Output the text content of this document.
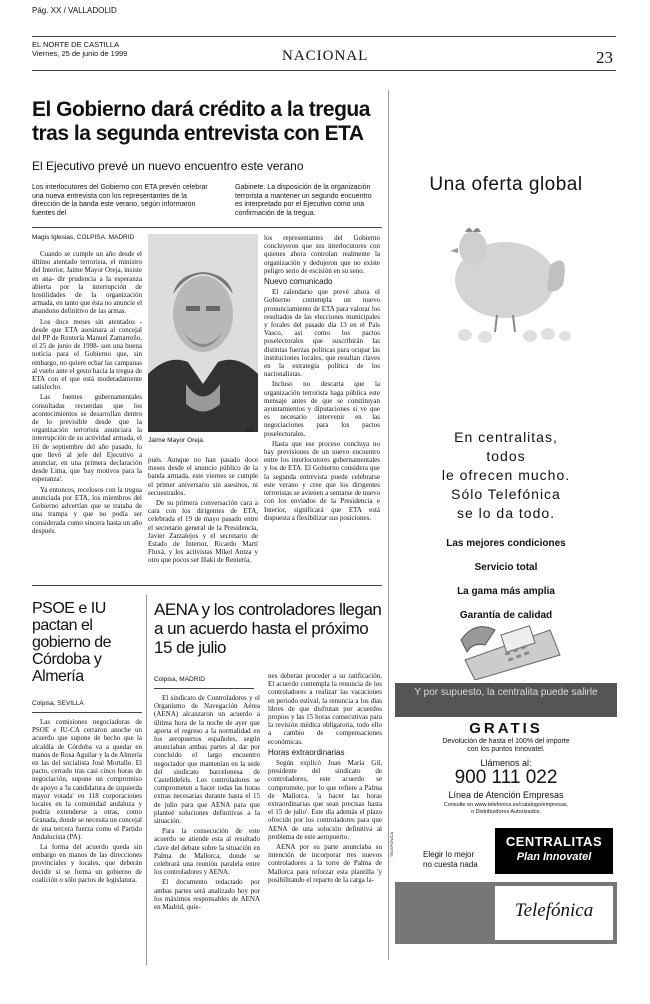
Pág. XX / VALLADOLID
EL NORTE DE CASTILLA
Viernes, 25 de junio de 1999	NACIONAL	23
El Gobierno dará crédito a la tregua
tras la segunda entrevista con ETA
El Ejecutivo prevé un nuevo encuentro este verano
Los interlocutores del Gobierno con ETA prevén celebrar una nueva entrevista con los representantes de la dirección de la banda este verano, según informaron fuentes del
Gabinete. La disposición de la organización terrorista a mantener un segundo encuentro es interpretado por el Ejecutivo como una confirmación de la tregua.
Magis Iglesias, COLPISA. MADRID

Cuando se cumple un año desde el último atentado terrorista, el ministro del Interior, Jaime Mayor Oreja, insiste en ana- dir prudencia a la esperanza abierta por la interrupción de hostilidades de la organización armada, en tanto que ésta no anuncie el abandono definitivo de las armas.

Los doce meses sin atentados -desde que ETA asesinara al concejal del PP de Rentería Manuel Zamarreño, el 25 de junio de 1998- son una buena noticia para el Gobierno que, sin embargo, no quiere echar las campanas al vuelo ante el gesto hacia la tregua de ETA con el que está moderadamente satisfecho.

Las fuentes gubernamentales consultadas recuerdan que los acontecimientos se desarrollan dentro de lo previsible desde que la organización terrorista anunciara la interrupción de su actividad armada, el 16 de septiembre del año pasado, lo que llevó al jefe del Ejecutivo a anunciar, en una primera declaración desde Lima, que 'hay motivos para la esperanza'.

Ya entonces, recelosos con la tregua anunciada por ETA, los miembros del Gobierno advertían que se trataba de una trampa y que no podía ser considerada como sincera hasta un año después.

Jaime Mayor Oreja.
EFE

pués. Aunque no han pasado doce meses desde el anuncio público de la banda armada, este viernes se cumple el primer aniversario sin asesinos, ni secuestrados.

De su primera conversación cara a cara con los dirigentes de ETA, celebrada el 19 de mayo pasado entre el secretario general de la Presidencia, Javier Zarzalejos y el secretario de Estado de Interior, Ricardo Martí Fluxá, y los activistas Mikel Antza y otro que pocos ser Iñaki de Rentería,

los representantes del Gobierno concluyeron que sus interlocutores con quienes ahora controlan realmente la organización y dedujeron que no existe peligro serio de escisión en su seno.

Nuevo comunicado

El calendario que prevé ahora el Gobierno contempla un nuevo pronunciamiento de ETA para valorar los resultados de las elecciones municipales y forales del pasado día 13 en el País Vasco, así como los pactos poselectorales que suscribirán las distintas fuerzas políticas para ocupar las instituciones locales, que resultan claves en la estrategia política de los nacionalistas.

Incluso no descarta que la organización terrorista haga pública este mensaje antes de que se constituyan ayuntamientos y diputaciones si ve que es necesario intervenir en las negociaciones para los pactos poselectorales.

Hasta que ese proceso concluya no hay previsiones de un nuevo encuentro entre los interlocutores gubernamentales y los de ETA. El Gobierno considera que la segunda entrevista puede celebrarse este verano y cree que los dirigentes terroristas se avienen a sentarse de nuevo con los enviados de la Presidencia e Interior, significará que ETA está dispuesta a flexibilizar sus posiciones.

PSOE e IU pactan el gobierno de Córdoba y Almería
Colpisa, SEVILLA

Las comisiones negociadoras de PSOE e IU-CA cerraron anoche un acuerdo que supone de hecho que la alcaldía de Córdoba va a quedar en manos de Rosa Aguilar y la de Almería en las del socialista José Mortallo. El pacto, cerrado tras casi cinco horas de negociación, supone un compromiso de apoyo a 'la candidatura de izquierda mayor votada' en 118 corporaciones locales en la comunidad andaluza y podría extenderse a otras, como Granada, donde se necesita un concejal de una tercera fuerza como el Partido Andalucista (PA).

La forma del acuerdo queda sin embargo en manos de las direcciones provinciales y locales, que deberán decidir si se forma un gobierno de coalición o sólo pactos de legislatura.

AENA y los controladores llegan a un acuerdo hasta el próximo 15 de julio
Colpisa, MADRID

El sindicato de Controladores y el Organismo de Navegación Aérea (AENA) alcanzaron un acuerdo a última hora de la noche de ayer que aporta el regreso a la normalidad en los aeropuertos españoles, según anunciaban ambas partes al dar por concluido el largo encuentro negociador que mantenían en la sede del sindicato barcelonesa de Castelldefels. Los controladores se comprometen a hacer todas las horas extras necesarias durante hasta el 15 de julio para que AENA para que planteé soluciones definitivas a la situación.

Para la consecución de este acuerdo se atiende esta al resultado clave del debate sobre la situación en Palma de Mallorca, donde se celebrará una reunión paralela entre los controladores y AENA.

El documento redactado por ambas partes será analizado hoy por los máximos responsables de AENA en Madrid, quie-

nes deberán proceder a su ratificación. El acuerdo contempla la renuncia de los controladores a realizar las vacaciones en periodo estival, la renuncia a los días libres de que disfrutan por acuerdos propios y las 15 horas consecutivas para la revisión médica obligatoria, todo ello a cambio de compensaciones económicas.

Horas extraordinarias

Según explicó Juan María Gil, presidente del sindicato de controladores, este acuerdo se compromete, por lo que refiere a Palma de Mallorca, 'a hacer las horas extraordinarias que sean precisas hasta el 15 de julio'. Este día además el plazo ofrecido por los controladores para que AENA de una solución definitiva al problema de este aeropuerto.

AENA por su parte anunciaba su intención de incorporar tres nuevos controladores a la torre de Palma de Mallorca para reforzar esta plantilla 'y posibilitando el reparto de la carga la-

Una oferta global
En centralitas,
todos
le ofrecen mucho.
Sólo Telefónica
se lo da todo.
Las mejores condiciones
Servicio total
La gama más amplia
Garantía de calidad
Y por supuesto, la centralita puede salirle
GRATIS
Devolución de hasta el 100% del importe
con los puntos Innovatel.
Llámenos al:
900 111 022
Línea de Atención Empresas
Consulte en www.telefonica.es/catalogo/empresas,
o Distribuidores Autorizados.
TELEFÓNICA	Elegir lo mejor
no cuesta nada
CENTRALITAS
Plan Innovatel
Telefónica
